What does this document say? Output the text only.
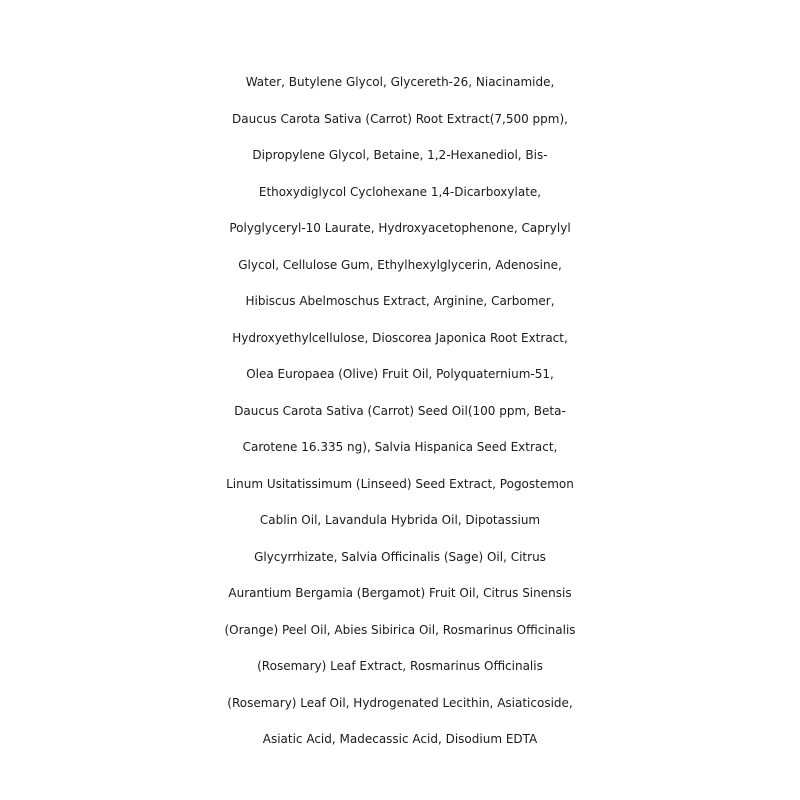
Water, Butylene Glycol, Glycereth-26, Niacinamide,
Daucus Carota Sativa (Carrot) Root Extract(7,500 ppm),
Dipropylene Glycol, Betaine, 1,2-Hexanediol, Bis-
Ethoxydiglycol Cyclohexane 1,4-Dicarboxylate,
Polyglyceryl-10 Laurate, Hydroxyacetophenone, Caprylyl
Glycol, Cellulose Gum, Ethylhexylglycerin, Adenosine,
Hibiscus Abelmoschus Extract, Arginine, Carbomer,
Hydroxyethylcellulose, Dioscorea Japonica Root Extract,
Olea Europaea (Olive) Fruit Oil, Polyquaternium-51,
Daucus Carota Sativa (Carrot) Seed Oil(100 ppm, Beta-
Carotene 16.335 ng), Salvia Hispanica Seed Extract,
Linum Usitatissimum (Linseed) Seed Extract, Pogostemon
Cablin Oil, Lavandula Hybrida Oil, Dipotassium
Glycyrrhizate, Salvia Officinalis (Sage) Oil, Citrus
Aurantium Bergamia (Bergamot) Fruit Oil, Citrus Sinensis
(Orange) Peel Oil, Abies Sibirica Oil, Rosmarinus Officinalis
(Rosemary) Leaf Extract, Rosmarinus Officinalis
(Rosemary) Leaf Oil, Hydrogenated Lecithin, Asiaticoside,
Asiatic Acid, Madecassic Acid, Disodium EDTA
